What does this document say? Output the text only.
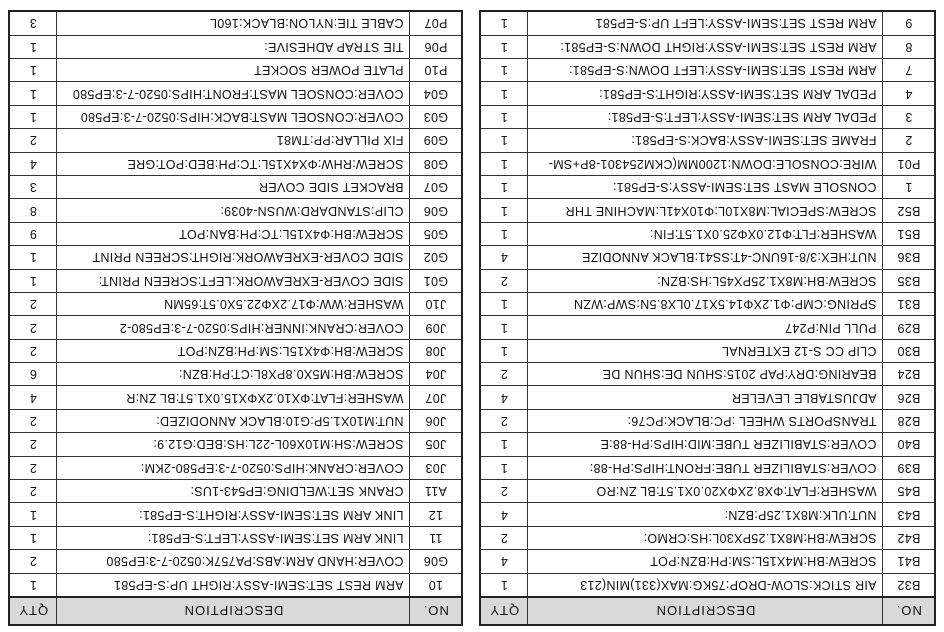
NO.	DESCRIPTION	QTY
B32	AIR STICK:SLOW-DROP:75KG:MAX(331)MIN(213	1
B41	SCREW:BH:M4X15L:SM:PH:BZN:POT	4
B42	SCREW:BH:M8X1.25PX30L:HS:CRMO:	2
B43	NUT:ULK:M8X1.25P:BZN:	4
B45	WASHER:FLAT:ΦX8.2XΦX20.0X1.5T:BL ZN:RO	2
B39	COVER:STABILIZER TUBE:FRONT:HIPS:PH-88:	1
B40	COVER:STABILIZER TUBE:MID:HIPS:PH-88:E	1
B28	TRANSPORTS WHEEL :PC:BLACK:PC76:	2
B26	ADJUSTABLE LEVELER	4
B24	BEARING:DRY:PAP 2015:SHUN DE:SHUN DE	2
B30	CLIP CC S-12 EXTERNAL	1
B29	PULL PIN:P247	1
B31	SPRING:CMP:Φ1.2XΦ14.5X17.0LX8.5N:SWP:WZN	1
B35	SCREW:BH:M8X1.25PX45L:HS:BZN:	2
B36	NUT:HEX:3/8-16UNC-4T:SS41:BLACK ANNODIZE	4
B51	WASHER:FLT:Φ12.0XΦ25.0X1.5T:FIN:	1
B52	SCREW:SPECIAL:M8X10L:Φ10X41L:MACHINE THR	1
1	CONSOLE MAST SET:SEMI-ASSY:S-EP581:	1
P01	WIRE:CONSOLE:DOWN:1200MM(CKM254301-8P+SM-	1
2	FRAME SET:SEMI-ASSY:BACK:S-EP581:	1
3	PEDAL ARM SET:SEMI-ASSY:LEFT:S-EP581:	1
4	PEDAL ARM SET:SEMI-ASSY:RIGHT:S-EP581:	1
7	ARM REST SET:SEMI-ASSY:LEFT DOWN:S-EP581:	1
8	ARM REST SET:SEMI-ASSY:RIGHT DOWN:S-EP581:	1
9	ARM REST SET:SEMI-ASSY:LEFT UP:S-EP581	1
NO.	DESCRIPTION	QTY
10	ARM REST SET:SEMI-ASSY:RIGHT UP:S-EP581	1
G06	COVER:HAND ARM:ABS:PA757K:0520-7-3:EP580	2
11	LINK ARM SET:SEMI-ASSY:LEFT:S-EP581:	1
12	LINK ARM SET:SEMI-ASSY:RIGHT:S-EP581:	1
A11	CRANK SET:WELDING:EP543-1US:	2
J03	COVER:CRANK:HIPS:0520-7-3:EP580-2KM:	2
J05	SCREW:SH:M10X60L-22L:HS:BED:G12.9:	2
J06	NUT:M10X1.5P:G10:BLACK ANNODIZED:	2
J07	WASHER:FLAT:ΦX10.2XΦX15.0X1.5T:BL ZN:R	4
J04	SCREW:BH:M5X0.8PX8L:CT:PH:BZN:	6
J08	SCREW:BH:Φ4X15L:SM:PH:BZN:POT	2
J09	COVER:CRANK:INNER:HIPS:0520-7-3:EP580-2	2
J10	WASHER:WW:Φ17.2XΦ22.5X0.5T:65MN	2
G01	SIDE COVER-EXREAWORK:LEFT:SCREEN PRINT:	1
G02	SIDE COVER-EXREAWORK:RIGHT:SCREEN PRINT	1
G05	SCREW:BH:Φ4X15L:TC:PH:BAN:POT	9
G06	CLIP:STANDARD:WUSN-4039:	8
G07	BRACKET SIDE COVER	3
G08	SCREW:RHW:ΦX4X15L:TC:PH:BED:POT:GRE	4
G09	FIX PILLAR:PP:TM81	2
G03	COVER:CONSOEL MAST:BACK:HIPS:0520-7-3:EP580	1
G04	COVER:CONSOEL MAST:FRONT:HIPS:0520-7-3:EP580	1
P10	PLATE POWER SOCKET	1
P06	TIE STRAP ADHESIVE:	1
P07	CABLE TIE:NYLON:BLACK:160L	3
